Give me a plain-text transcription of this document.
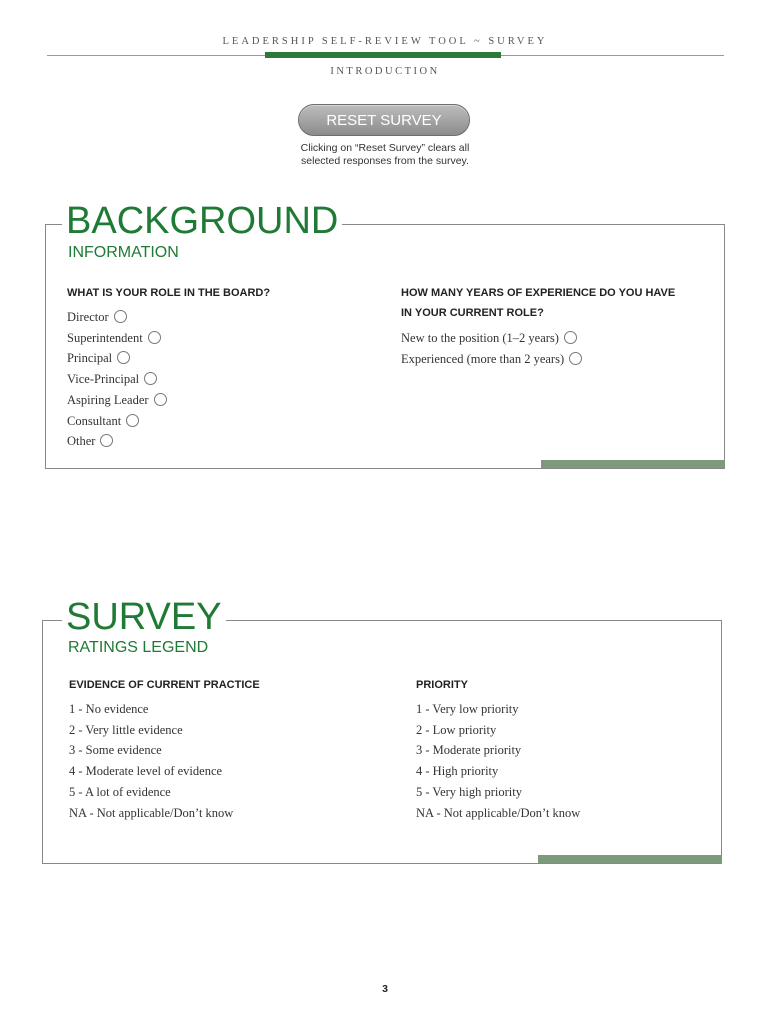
LEADERSHIP SELF-REVIEW TOOL ~ SURVEY
INTRODUCTION
RESET SURVEY
Clicking on “Reset Survey” clears all
selected responses from the survey.
BACKGROUND
INFORMATION
WHAT IS YOUR ROLE IN THE BOARD?
Director
Superintendent
Principal
Vice-Principal
Aspiring Leader
Consultant
Other
HOW MANY YEARS OF EXPERIENCE DO YOU HAVE
IN YOUR CURRENT ROLE?
New to the position (1–2 years)
Experienced (more than 2 years)
SURVEY
RATINGS LEGEND
EVIDENCE OF CURRENT PRACTICE
1 - No evidence
2 - Very little evidence
3 - Some evidence
4 - Moderate level of evidence
5 - A lot of evidence
NA - Not applicable/Don’t know
PRIORITY
1 - Very low priority
2 - Low priority
3 - Moderate priority
4 - High priority
5 - Very high priority
NA - Not applicable/Don’t know
3
